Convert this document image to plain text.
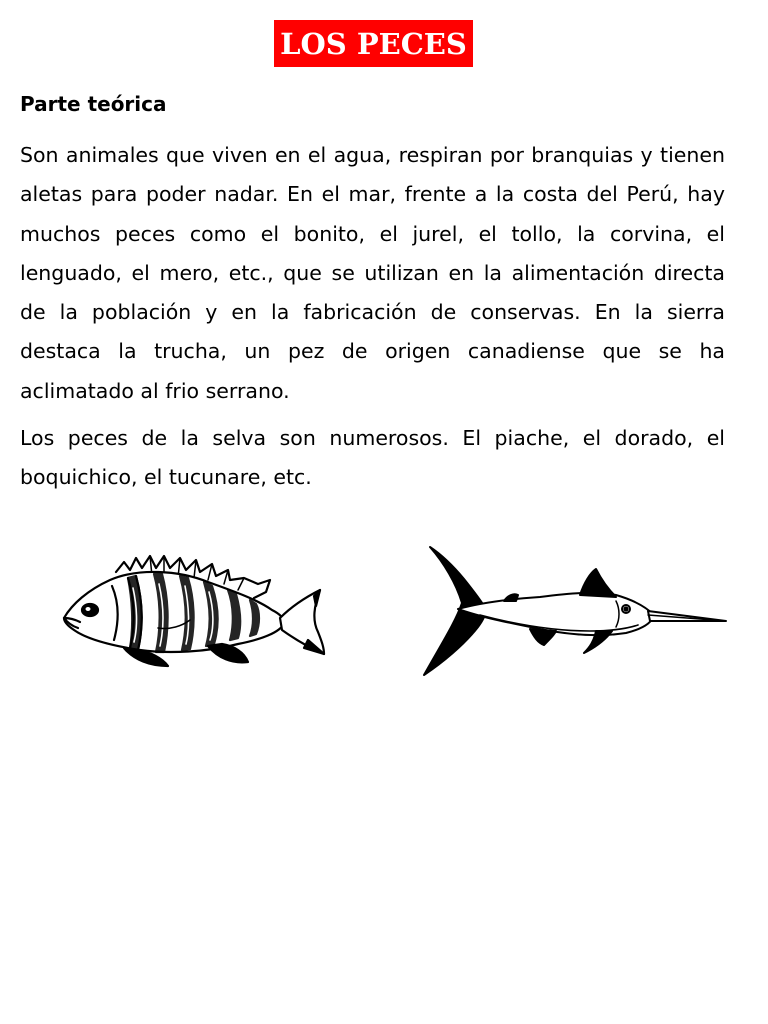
LOS PECES
Parte teórica

Son animales que viven en el agua, respiran por branquias y tienen aletas para poder nadar. En el mar, frente a la costa del Perú, hay muchos peces como el bonito, el jurel, el tollo, la corvina, el lenguado, el mero, etc., que se utilizan en la alimentación directa de la población y en la fabricación de conservas. En la sierra destaca la trucha, un pez de origen canadiense que se ha aclimatado al frio serrano.

Los peces de la selva son numerosos. El piache, el dorado, el boquichico, el tucunare, etc.
